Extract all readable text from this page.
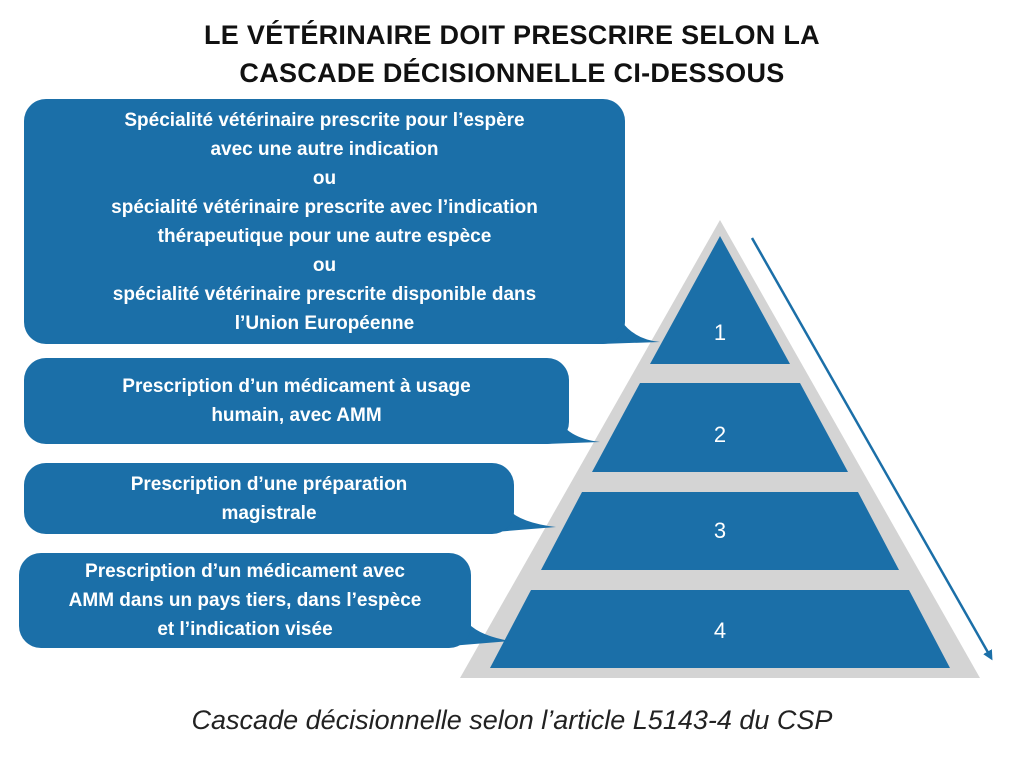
LE VÉTÉRINAIRE DOIT PRESCRIRE SELON LA
CASCADE DÉCISIONNELLE CI-DESSOUS
1
2
3
4
Spécialité vétérinaire prescrite pour l’espère
avec une autre indication
ou
spécialité vétérinaire prescrite avec l’indication
thérapeutique pour une autre espèce
ou
spécialité vétérinaire prescrite disponible dans
l’Union Européenne
Prescription d’un médicament à usage
humain, avec AMM
Prescription d’une préparation
magistrale
Prescription d’un médicament avec
AMM dans un pays tiers, dans l’espèce
et l’indication visée
Cascade décisionnelle selon l’article L5143-4 du CSP
